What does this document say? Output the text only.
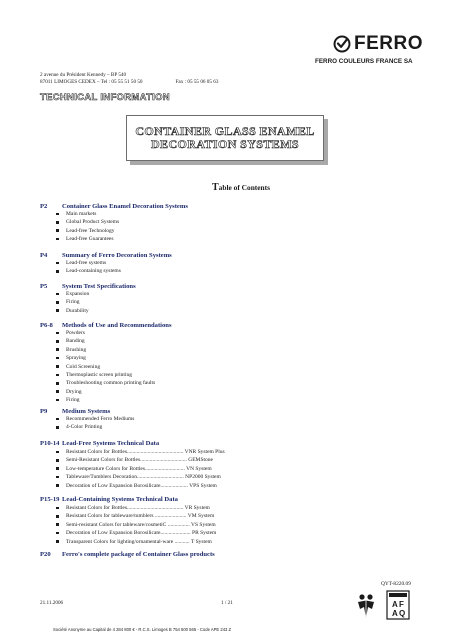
FERRO
FERRO COULEURS FRANCE SA
2 avenue du Président Kennedy – BP 540
87011 LIMOGES CEDEX – Tel : 05 55 51 50 50	Fax : 05 55 06 05 63
TECHNICAL INFORMATION
CONTAINER GLASS ENAMEL DECORATION SYSTEMS
Table of Contents
P2 Container Glass Enamel Decoration Systems
Main markets
Global Product Systems
Lead-free Technology
Lead-free Guarantees
P4 Summary of Ferro Decoration Systems
Lead-free systems
Lead-containing systems
P5 System Test Specifications
Expansion
Firing
Durability
P6-8 Methods of Use and Recommendations
Powders
Banding
Brushing
Spraying
Cold Screening
Thermoplastic screen printing
Troubleshooting common printing faults
Drying
Firing
P9 Medium Systems
Recommended Ferro Mediums
4-Color Printing
P10-14 Lead-Free Systems Technical Data
Resistant Colors for Bottles......................................... VNR System Plus
Semi-Resistant Colors for Bottles.................................. GEMStone
Low-temperature Colors for Bottles............................. VN System
Tableware/Tumblers Decoration.................................. NP2000 System
Decoration of Low Expansion Borosilicate.................... VPS System
P15-19 Lead-Containing Systems Technical Data
Resistant Colors for Bottles......................................... VR System
Resistant Colors for tableware/tumblers ....................... VM System
Semi-resistant Colors for tableware/cosmetiC ................ VS System
Decoration of Low Expansion Borosilicate...................... PR System
Transparent Colors for lighting/ornamental-ware ........... T System
P20 Ferro's complete package of Container Glass products
QYT-8220.09
21.11.2006	1 / 21	A F
A Q
Société Anonyme au Capital de 4 284 800 € - R.C.S. Limoges B 754 500 565 - Code APE 243 Z
